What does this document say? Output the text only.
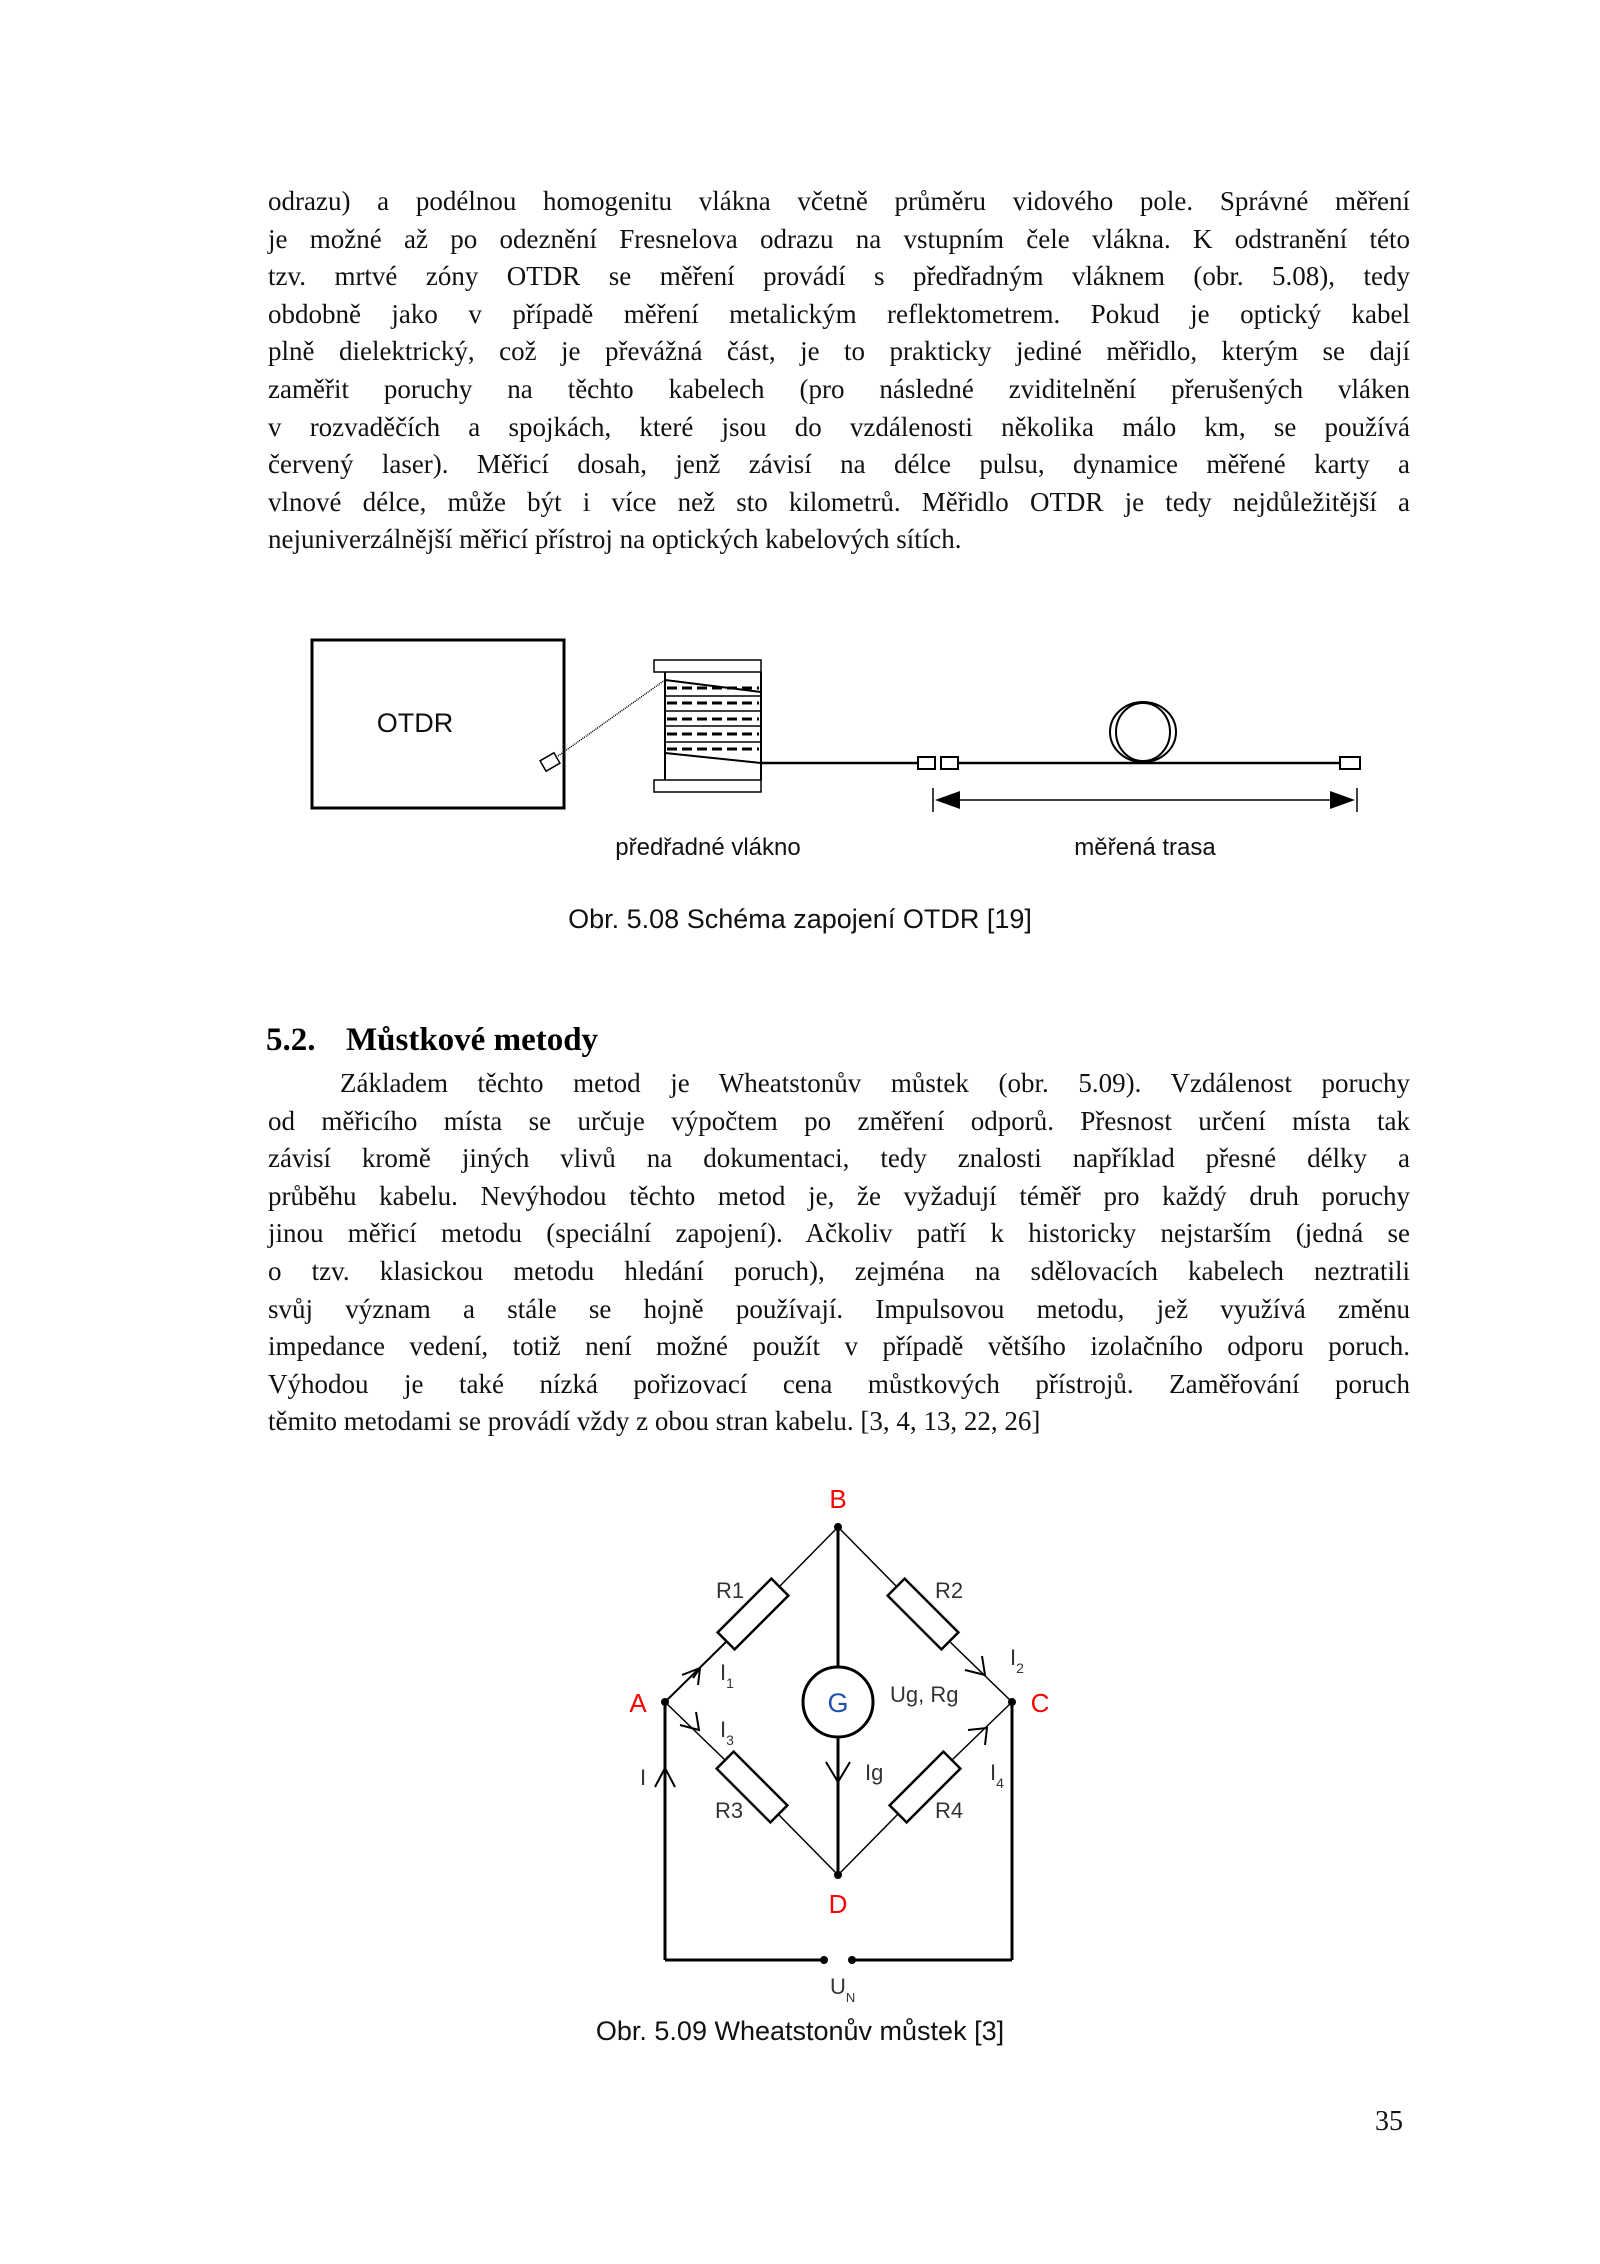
odrazu) a podélnou homogenitu vlákna včetně průměru vidového pole. Správné měření
je možné až po odeznění Fresnelova odrazu na vstupním čele vlákna. K odstranění této
tzv. mrtvé zóny OTDR se měření provádí s předřadným vláknem (obr. 5.08), tedy
obdobně jako v případě měření metalickým reflektometrem. Pokud je optický kabel
plně dielektrický, což je převážná část, je to prakticky jediné měřidlo, kterým se dají
zaměřit poruchy na těchto kabelech (pro následné zviditelnění přerušených vláken
v rozvaděčích a spojkách, které jsou do vzdálenosti několika málo km, se používá
červený laser). Měřicí dosah, jenž závisí na délce pulsu, dynamice měřené karty a
vlnové délce, může být i více než sto kilometrů. Měřidlo OTDR je tedy nejdůležitější a
nejuniverzálnější měřicí přístroj na optických kabelových sítích.
OTDR
předřadné vlákno	měřená trasa
Obr. 5.08 Schéma zapojení OTDR [19]
5.2. Můstkové metody
Základem těchto metod je Wheatstonův můstek (obr. 5.09). Vzdálenost poruchy
od měřicího místa se určuje výpočtem po změření odporů. Přesnost určení místa tak
závisí kromě jiných vlivů na dokumentaci, tedy znalosti například přesné délky a
průběhu kabelu. Nevýhodou těchto metod je, že vyžadují téměř pro každý druh poruchy
jinou měřicí metodu (speciální zapojení). Ačkoliv patří k historicky nejstarším (jedná se
o tzv. klasickou metodu hledání poruch), zejména na sdělovacích kabelech neztratili
svůj význam a stále se hojně používají. Impulsovou metodu, jež využívá změnu
impedance vedení, totiž není možné použít v případě většího izolačního odporu poruch.
Výhodou je také nízká pořizovací cena můstkových přístrojů. Zaměřování poruch
těmito metodami se provádí vždy z obou stran kabelu. [3, 4, 13, 22, 26]
B
A	C
D
R1	R2
R3	R4
G Ug, Rg
$I_1$
$I_3$
$I_2$
$I_4$
Ig
I
$U_N$
Obr. 5.09 Wheatstonův můstek [3]
35
